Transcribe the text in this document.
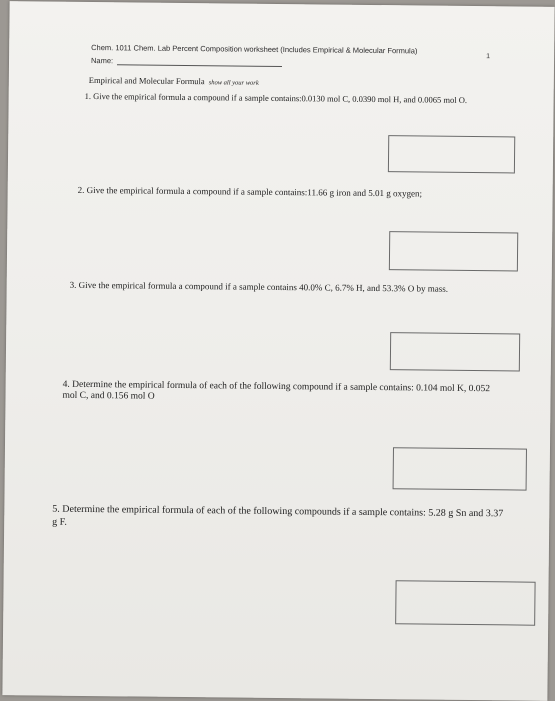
Chem. 1011 Chem. Lab Percent Composition worksheet (Includes Empirical & Molecular Formula)
Name:	1
Empirical and Molecular Formula show all your work
1. Give the empirical formula a compound if a sample contains:0.0130 mol C, 0.0390 mol H, and 0.0065 mol O.
2. Give the empirical formula a compound if a sample contains:11.66 g iron and 5.01 g oxygen;
3. Give the empirical formula a compound if a sample contains 40.0% C, 6.7% H, and 53.3% O by mass.
4. Determine the empirical formula of each of the following compound if a sample contains: 0.104 mol K, 0.052 mol C, and 0.156 mol O
5. Determine the empirical formula of each of the following compounds if a sample contains: 5.28 g Sn and 3.37 g F.
